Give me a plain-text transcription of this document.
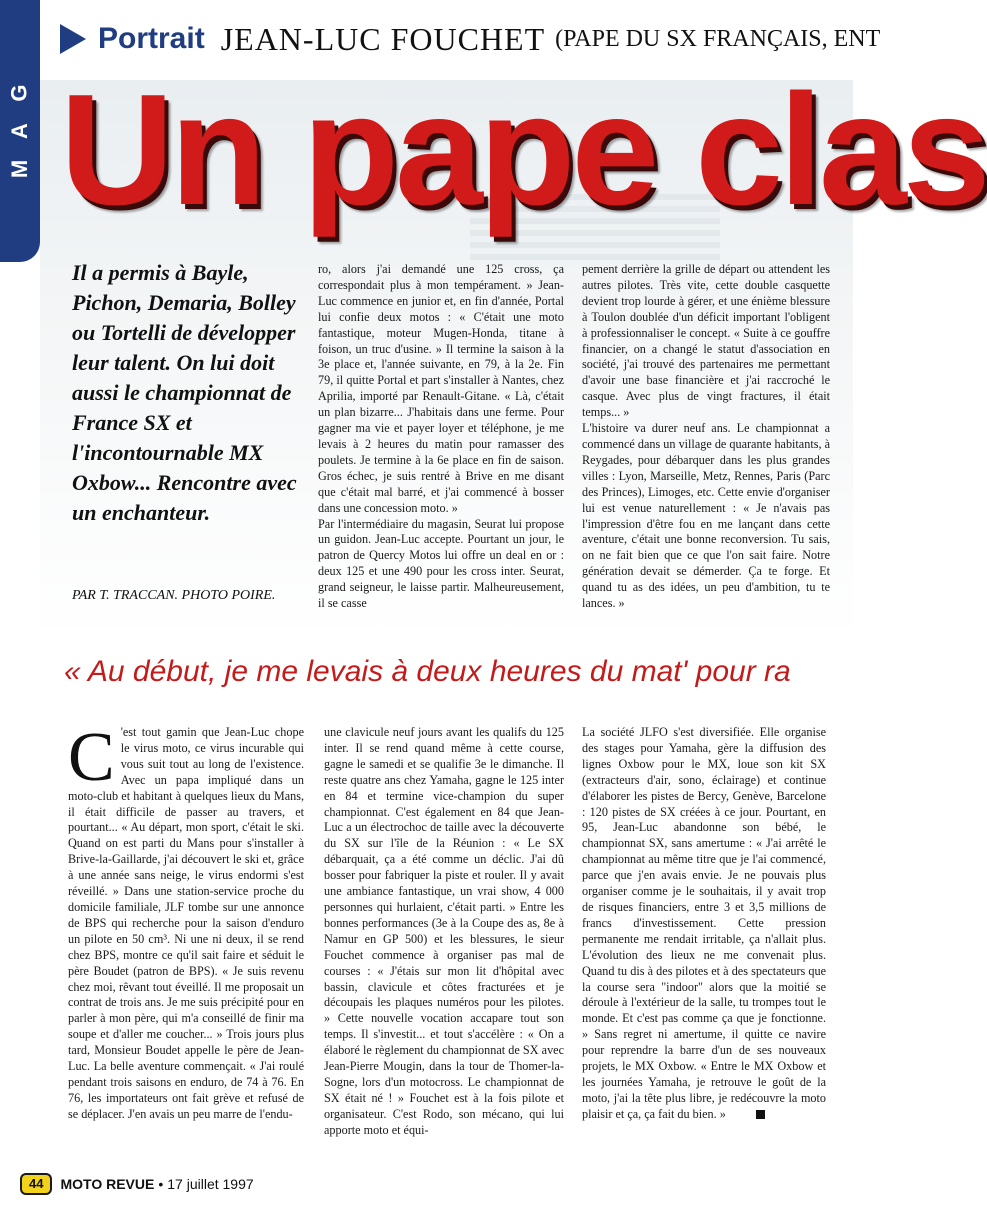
G
A
M
Portrait JEAN-LUC FOUCHET (PAPE DU SX FRANÇAIS, ENT
Un pape clas
Il a permis à Bayle, Pichon, Demaria, Bolley ou Tortelli de développer leur talent. On lui doit aussi le championnat de France SX et l'incontournable MX Oxbow... Rencontre avec un enchanteur.
PAR T. TRACCAN. PHOTO POIRE.

ro, alors j'ai demandé une 125 cross, ça correspondait plus à mon tempérament. » Jean-Luc commence en junior et, en fin d'année, Portal lui confie deux motos : « C'était une moto fantastique, moteur Mugen-Honda, titane à foison, un truc d'usine. » Il termine la saison à la 3e place et, l'année suivante, en 79, à la 2e. Fin 79, il quitte Portal et part s'installer à Nantes, chez Aprilia, importé par Renault-Gitane. « Là, c'était un plan bizarre... J'habitais dans une ferme. Pour gagner ma vie et payer loyer et téléphone, je me levais à 2 heures du matin pour ramasser des poulets. Je termine à la 6e place en fin de saison. Gros échec, je suis rentré à Brive en me disant que c'était mal barré, et j'ai commencé à bosser dans une concession moto. »

Par l'intermédiaire du magasin, Seurat lui propose un guidon. Jean-Luc accepte. Pourtant un jour, le patron de Quercy Motos lui offre un deal en or : deux 125 et une 490 pour les cross inter. Seurat, grand seigneur, le laisse partir. Malheureusement, il se casse

pement derrière la grille de départ ou attendent les autres pilotes. Très vite, cette double casquette devient trop lourde à gérer, et une énième blessure à Toulon doublée d'un déficit important l'obligent à professionnaliser le concept. « Suite à ce gouffre financier, on a changé le statut d'association en société, j'ai trouvé des partenaires me permettant d'avoir une base financière et j'ai raccroché le casque. Avec plus de vingt fractures, il était temps... »

L'histoire va durer neuf ans. Le championnat a commencé dans un village de quarante habitants, à Reygades, pour débarquer dans les plus grandes villes : Lyon, Marseille, Metz, Rennes, Paris (Parc des Princes), Limoges, etc. Cette envie d'organiser lui est venue naturellement : « Je n'avais pas l'impression d'être fou en me lançant dans cette aventure, c'était une bonne reconversion. Tu sais, on ne fait bien que ce que l'on sait faire. Notre génération devait se démerder. Ça te forge. Et quand tu as des idées, un peu d'ambition, tu te lances. »

« Au début, je me levais à deux heures du mat' pour ra
C 'est tout gamin que Jean-Luc chope le virus moto, ce virus incurable qui vous suit tout au long de l'existence. Avec un papa impliqué dans un moto-club et habitant à quelques lieux du Mans, il était difficile de passer au travers, et pourtant... « Au départ, mon sport, c'était le ski. Quand on est parti du Mans pour s'installer à Brive-la-Gaillarde, j'ai découvert le ski et, grâce à une année sans neige, le virus endormi s'est réveillé. » Dans une station-service proche du domicile familiale, JLF tombe sur une annonce de BPS qui recherche pour la saison d'enduro un pilote en 50 cm³. Ni une ni deux, il se rend chez BPS, montre ce qu'il sait faire et séduit le père Boudet (patron de BPS). « Je suis revenu chez moi, rêvant tout éveillé. Il me proposait un contrat de trois ans. Je me suis précipité pour en parler à mon père, qui m'a conseillé de finir ma soupe et d'aller me coucher... » Trois jours plus tard, Monsieur Boudet appelle le père de Jean-Luc. La belle aventure commençait. « J'ai roulé pendant trois saisons en enduro, de 74 à 76. En 76, les importateurs ont fait grève et refusé de se déplacer. J'en avais un peu marre de l'endu-

une clavicule neuf jours avant les qualifs du 125 inter. Il se rend quand même à cette course, gagne le samedi et se qualifie 3e le dimanche. Il reste quatre ans chez Yamaha, gagne le 125 inter en 84 et termine vice-champion du super championnat. C'est également en 84 que Jean-Luc a un électrochoc de taille avec la découverte du SX sur l'île de la Réunion : « Le SX débarquait, ça a été comme un déclic. J'ai dû bosser pour fabriquer la piste et rouler. Il y avait une ambiance fantastique, un vrai show, 4 000 personnes qui hurlaient, c'était parti. » Entre les bonnes performances (3e à la Coupe des as, 8e à Namur en GP 500) et les blessures, le sieur Fouchet commence à organiser pas mal de courses : « J'étais sur mon lit d'hôpital avec bassin, clavicule et côtes fracturées et je découpais les plaques numéros pour les pilotes. » Cette nouvelle vocation accapare tout son temps. Il s'investit... et tout s'accélère : « On a élaboré le règlement du championnat de SX avec Jean-Pierre Mougin, dans la tour de Thomer-la-Sogne, lors d'un motocross. Le championnat de SX était né ! » Fouchet est à la fois pilote et organisateur. C'est Rodo, son mécano, qui lui apporte moto et équi-

La société JLFO s'est diversifiée. Elle organise des stages pour Yamaha, gère la diffusion des lignes Oxbow pour le MX, loue son kit SX (extracteurs d'air, sono, éclairage) et continue d'élaborer les pistes de Bercy, Genève, Barcelone : 120 pistes de SX créées à ce jour. Pourtant, en 95, Jean-Luc abandonne son bébé, le championnat SX, sans amertume : « J'ai arrêté le championnat au même titre que je l'ai commencé, parce que j'en avais envie. Je ne pouvais plus organiser comme je le souhaitais, il y avait trop de risques financiers, entre 3 et 3,5 millions de francs d'investissement. Cette pression permanente me rendait irritable, ça n'allait plus. L'évolution des lieux ne me convenait plus. Quand tu dis à des pilotes et à des spectateurs que la course sera "indoor" alors que la moitié se déroule à l'extérieur de la salle, tu trompes tout le monde. Et c'est pas comme ça que je fonctionne. » Sans regret ni amertume, il quitte ce navire pour reprendre la barre d'un de ses nouveaux projets, le MX Oxbow. « Entre le MX Oxbow et les journées Yamaha, je retrouve le goût de la moto, j'ai la tête plus libre, je redécouvre la moto plaisir et ça, ça fait du bien. »

44	MOTO REVUE • 17 juillet 1997
